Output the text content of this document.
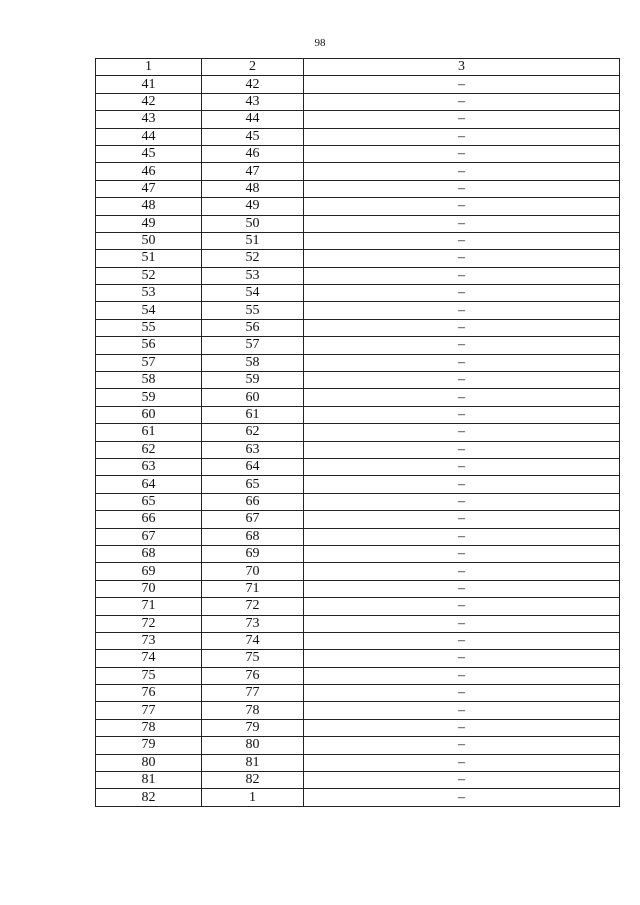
98
1	2	3
41	42	–
42	43	–
43	44	–
44	45	–
45	46	–
46	47	–
47	48	–
48	49	–
49	50	–
50	51	–
51	52	–
52	53	–
53	54	–
54	55	–
55	56	–
56	57	–
57	58	–
58	59	–
59	60	–
60	61	–
61	62	–
62	63	–
63	64	–
64	65	–
65	66	–
66	67	–
67	68	–
68	69	–
69	70	–
70	71	–
71	72	–
72	73	–
73	74	–
74	75	–
75	76	–
76	77	–
77	78	–
78	79	–
79	80	–
80	81	–
81	82	–
82	1	–
